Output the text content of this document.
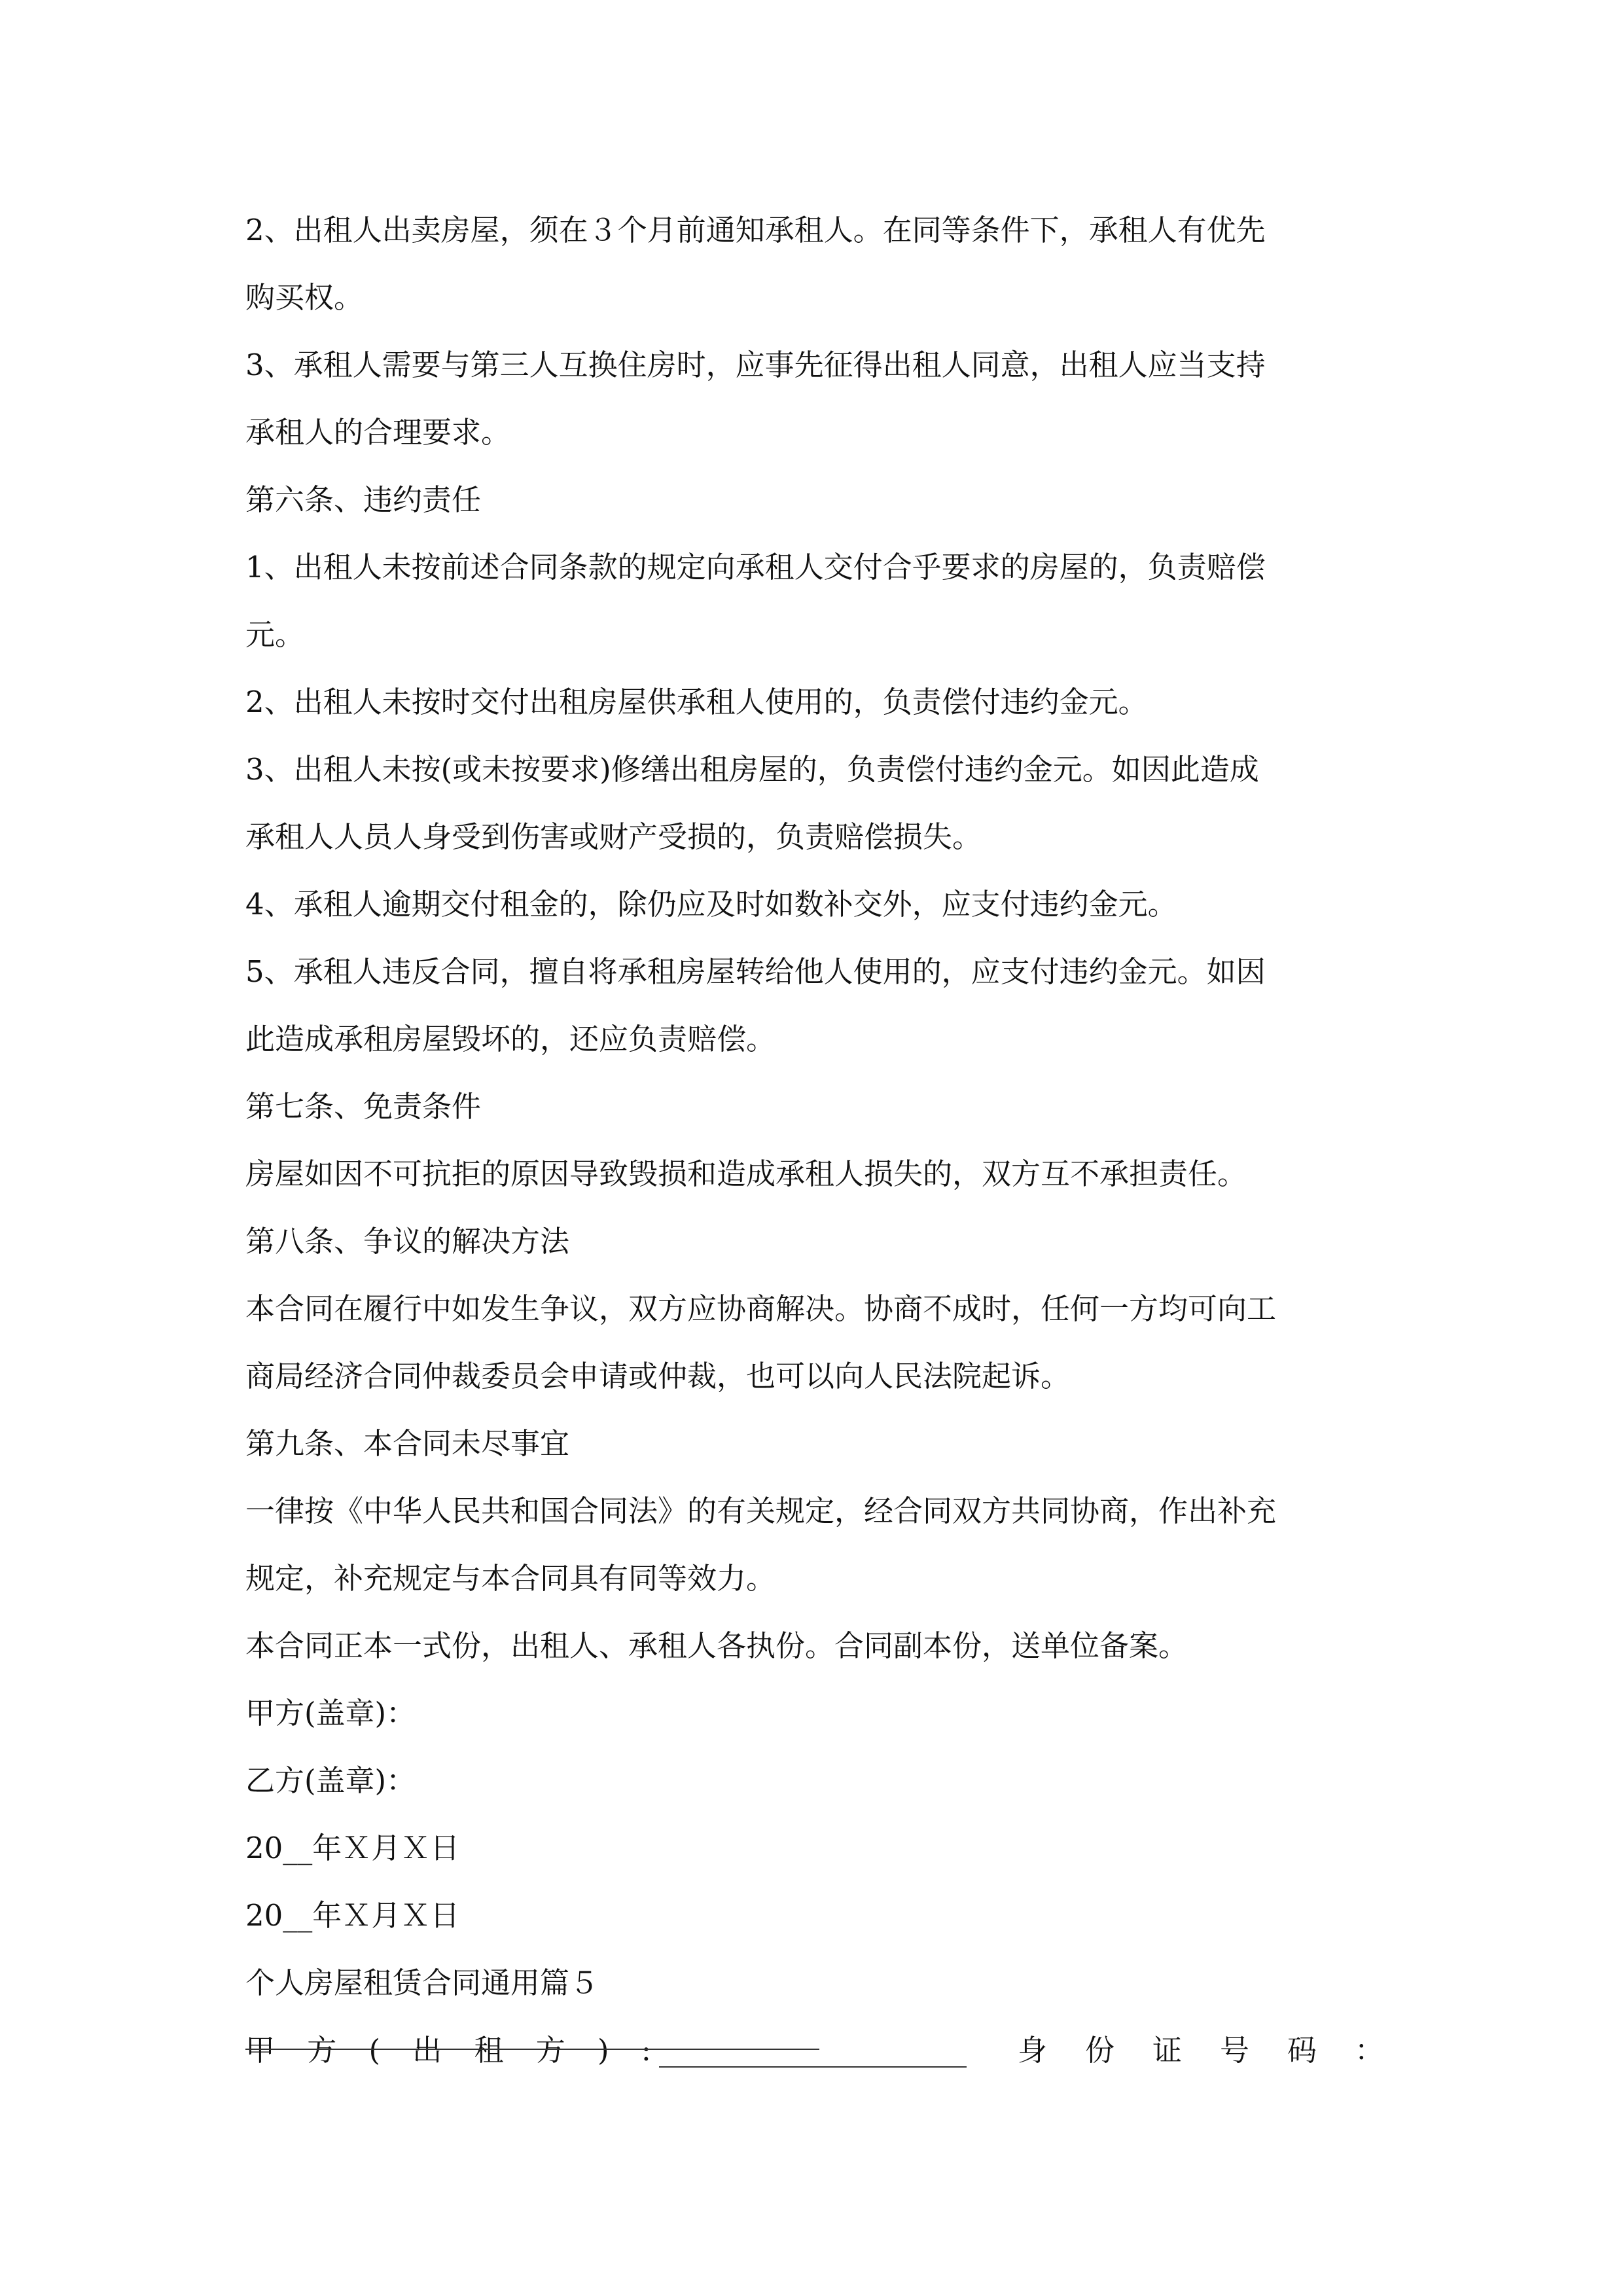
2、出租人出卖房屋，须在３个月前通知承租人。在同等条件下，承租人有优先
购买权。
3、承租人需要与第三人互换住房时，应事先征得出租人同意，出租人应当支持
承租人的合理要求。
第六条、违约责任
1、出租人未按前述合同条款的规定向承租人交付合乎要求的房屋的，负责赔偿
元。
2、出租人未按时交付出租房屋供承租人使用的，负责偿付违约金元。
3、出租人未按(或未按要求)修缮出租房屋的，负责偿付违约金元。如因此造成
承租人人员人身受到伤害或财产受损的，负责赔偿损失。
4、承租人逾期交付租金的，除仍应及时如数补交外，应支付违约金元。
5、承租人违反合同，擅自将承租房屋转给他人使用的，应支付违约金元。如因
此造成承租房屋毁坏的，还应负责赔偿。
第七条、免责条件
房屋如因不可抗拒的原因导致毁损和造成承租人损失的，双方互不承担责任。
第八条、争议的解决方法
本合同在履行中如发生争议，双方应协商解决。协商不成时，任何一方均可向工
商局经济合同仲裁委员会申请或仲裁，也可以向人民法院起诉。
第九条、本合同未尽事宜
一律按《中华人民共和国合同法》的有关规定，经合同双方共同协商，作出补充
规定，补充规定与本合同具有同等效力。
本合同正本一式份，出租人、承租人各执份。合同副本份，送单位备案。
甲方(盖章)：
乙方(盖章)：
20__年Ｘ月Ｘ日
20__年Ｘ月Ｘ日
个人房屋租赁合同通用篇５
甲 方 ( 出 租 方 ) :	身 份 证 号 码 ：
